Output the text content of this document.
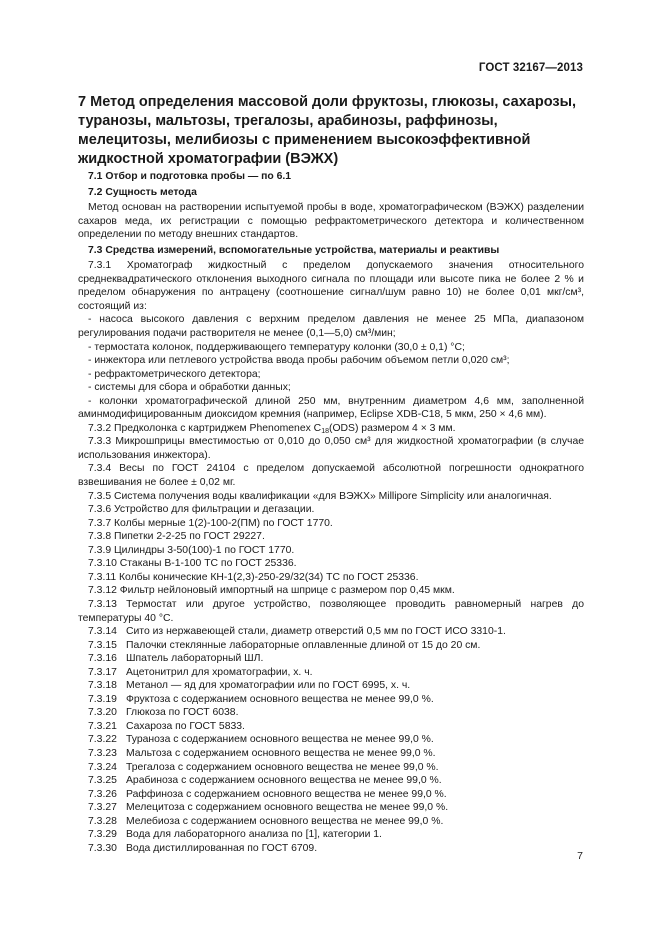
ГОСТ 32167—2013
7 Метод определения массовой доли фруктозы, глюкозы, сахарозы, туранозы, мальтозы, трегалозы, арабинозы, раффинозы, мелецитозы, мелибиозы с применением высокоэффективной жидкостной хроматографии (ВЭЖХ)

7.1 Отбор и подготовка пробы — по 6.1

7.2 Сущность метода

Метод основан на растворении испытуемой пробы в воде, хроматографическом (ВЭЖХ) разделении сахаров меда, их регистрации с помощью рефрактометрического детектора и количественном определении по методу внешних стандартов.

7.3 Средства измерений, вспомогательные устройства, материалы и реактивы

7.3.1 Хроматограф жидкостный с пределом допускаемого значения относительного среднеквадратического отклонения выходного сигнала по площади или высоте пика не более 2 % и пределом обнаружения по антрацену (соотношение сигнал/шум равно 10) не более 0,01 мкг/см³, состоящий из:

- насоса высокого давления с верхним пределом давления не менее 25 МПа, диапазоном регулирования подачи растворителя не менее (0,1—5,0) см³/мин;

- термостата колонок, поддерживающего температуру колонки (30,0 ± 0,1) °С;

- инжектора или петлевого устройства ввода пробы рабочим объемом петли 0,020 см³;

- рефрактометрического детектора;

- системы для сбора и обработки данных;

- колонки хроматографической длиной 250 мм, внутренним диаметром 4,6 мм, заполненной аминмодифицированным диоксидом кремния (например, Eclipse XDB-C18, 5 мкм, 250 × 4,6 мм).

7.3.2 Предколонка с картриджем Phenomenex $C_{18}(ODS)$ размером 4 × 3 мм.

7.3.3 Микрошприцы вместимостью от 0,010 до 0,050 см³ для жидкостной хроматографии (в случае использования инжектора).

7.3.4 Весы по ГОСТ 24104 с пределом допускаемой абсолютной погрешности однократного взвешивания не более ± 0,02 мг.

7.3.5 Система получения воды квалификации «для ВЭЖХ» Millipore Simplicity или аналогичная.

7.3.6 Устройство для фильтрации и дегазации.

7.3.7 Колбы мерные 1(2)-100-2(ПМ) по ГОСТ 1770.

7.3.8 Пипетки 2-2-25 по ГОСТ 29227.

7.3.9 Цилиндры 3-50(100)-1 по ГОСТ 1770.

7.3.10 Стаканы В-1-100 ТС по ГОСТ 25336.

7.3.11 Колбы конические КН-1(2,3)-250-29/32(34) ТС по ГОСТ 25336.

7.3.12 Фильтр нейлоновый импортный на шприце с размером пор 0,45 мкм.

7.3.13 Термостат или другое устройство, позволяющее проводить равномерный нагрев до температуры 40 °С.

7.3.14 Сито из нержавеющей стали, диаметр отверстий 0,5 мм по ГОСТ ИСО 3310-1.
7.3.15 Палочки стеклянные лабораторные оплавленные длиной от 15 до 20 см.
7.3.16 Шпатель лабораторный ШЛ.
7.3.17 Ацетонитрил для хроматографии, х. ч.
7.3.18 Метанол — яд для хроматографии или по ГОСТ 6995, х. ч.
7.3.19 Фруктоза с содержанием основного вещества не менее 99,0 %.
7.3.20 Глюкоза по ГОСТ 6038.
7.3.21 Сахароза по ГОСТ 5833.
7.3.22 Тураноза с содержанием основного вещества не менее 99,0 %.
7.3.23 Мальтоза с содержанием основного вещества не менее 99,0 %.
7.3.24 Трегалоза с содержанием основного вещества не менее 99,0 %.
7.3.25 Арабиноза с содержанием основного вещества не менее 99,0 %.
7.3.26 Раффиноза с содержанием основного вещества не менее 99,0 %.
7.3.27 Мелецитоза с содержанием основного вещества не менее 99,0 %.
7.3.28 Мелебиоза с содержанием основного вещества не менее 99,0 %.
7.3.29 Вода для лабораторного анализа по [1], категории 1.
7.3.30 Вода дистиллированная по ГОСТ 6709.
7
